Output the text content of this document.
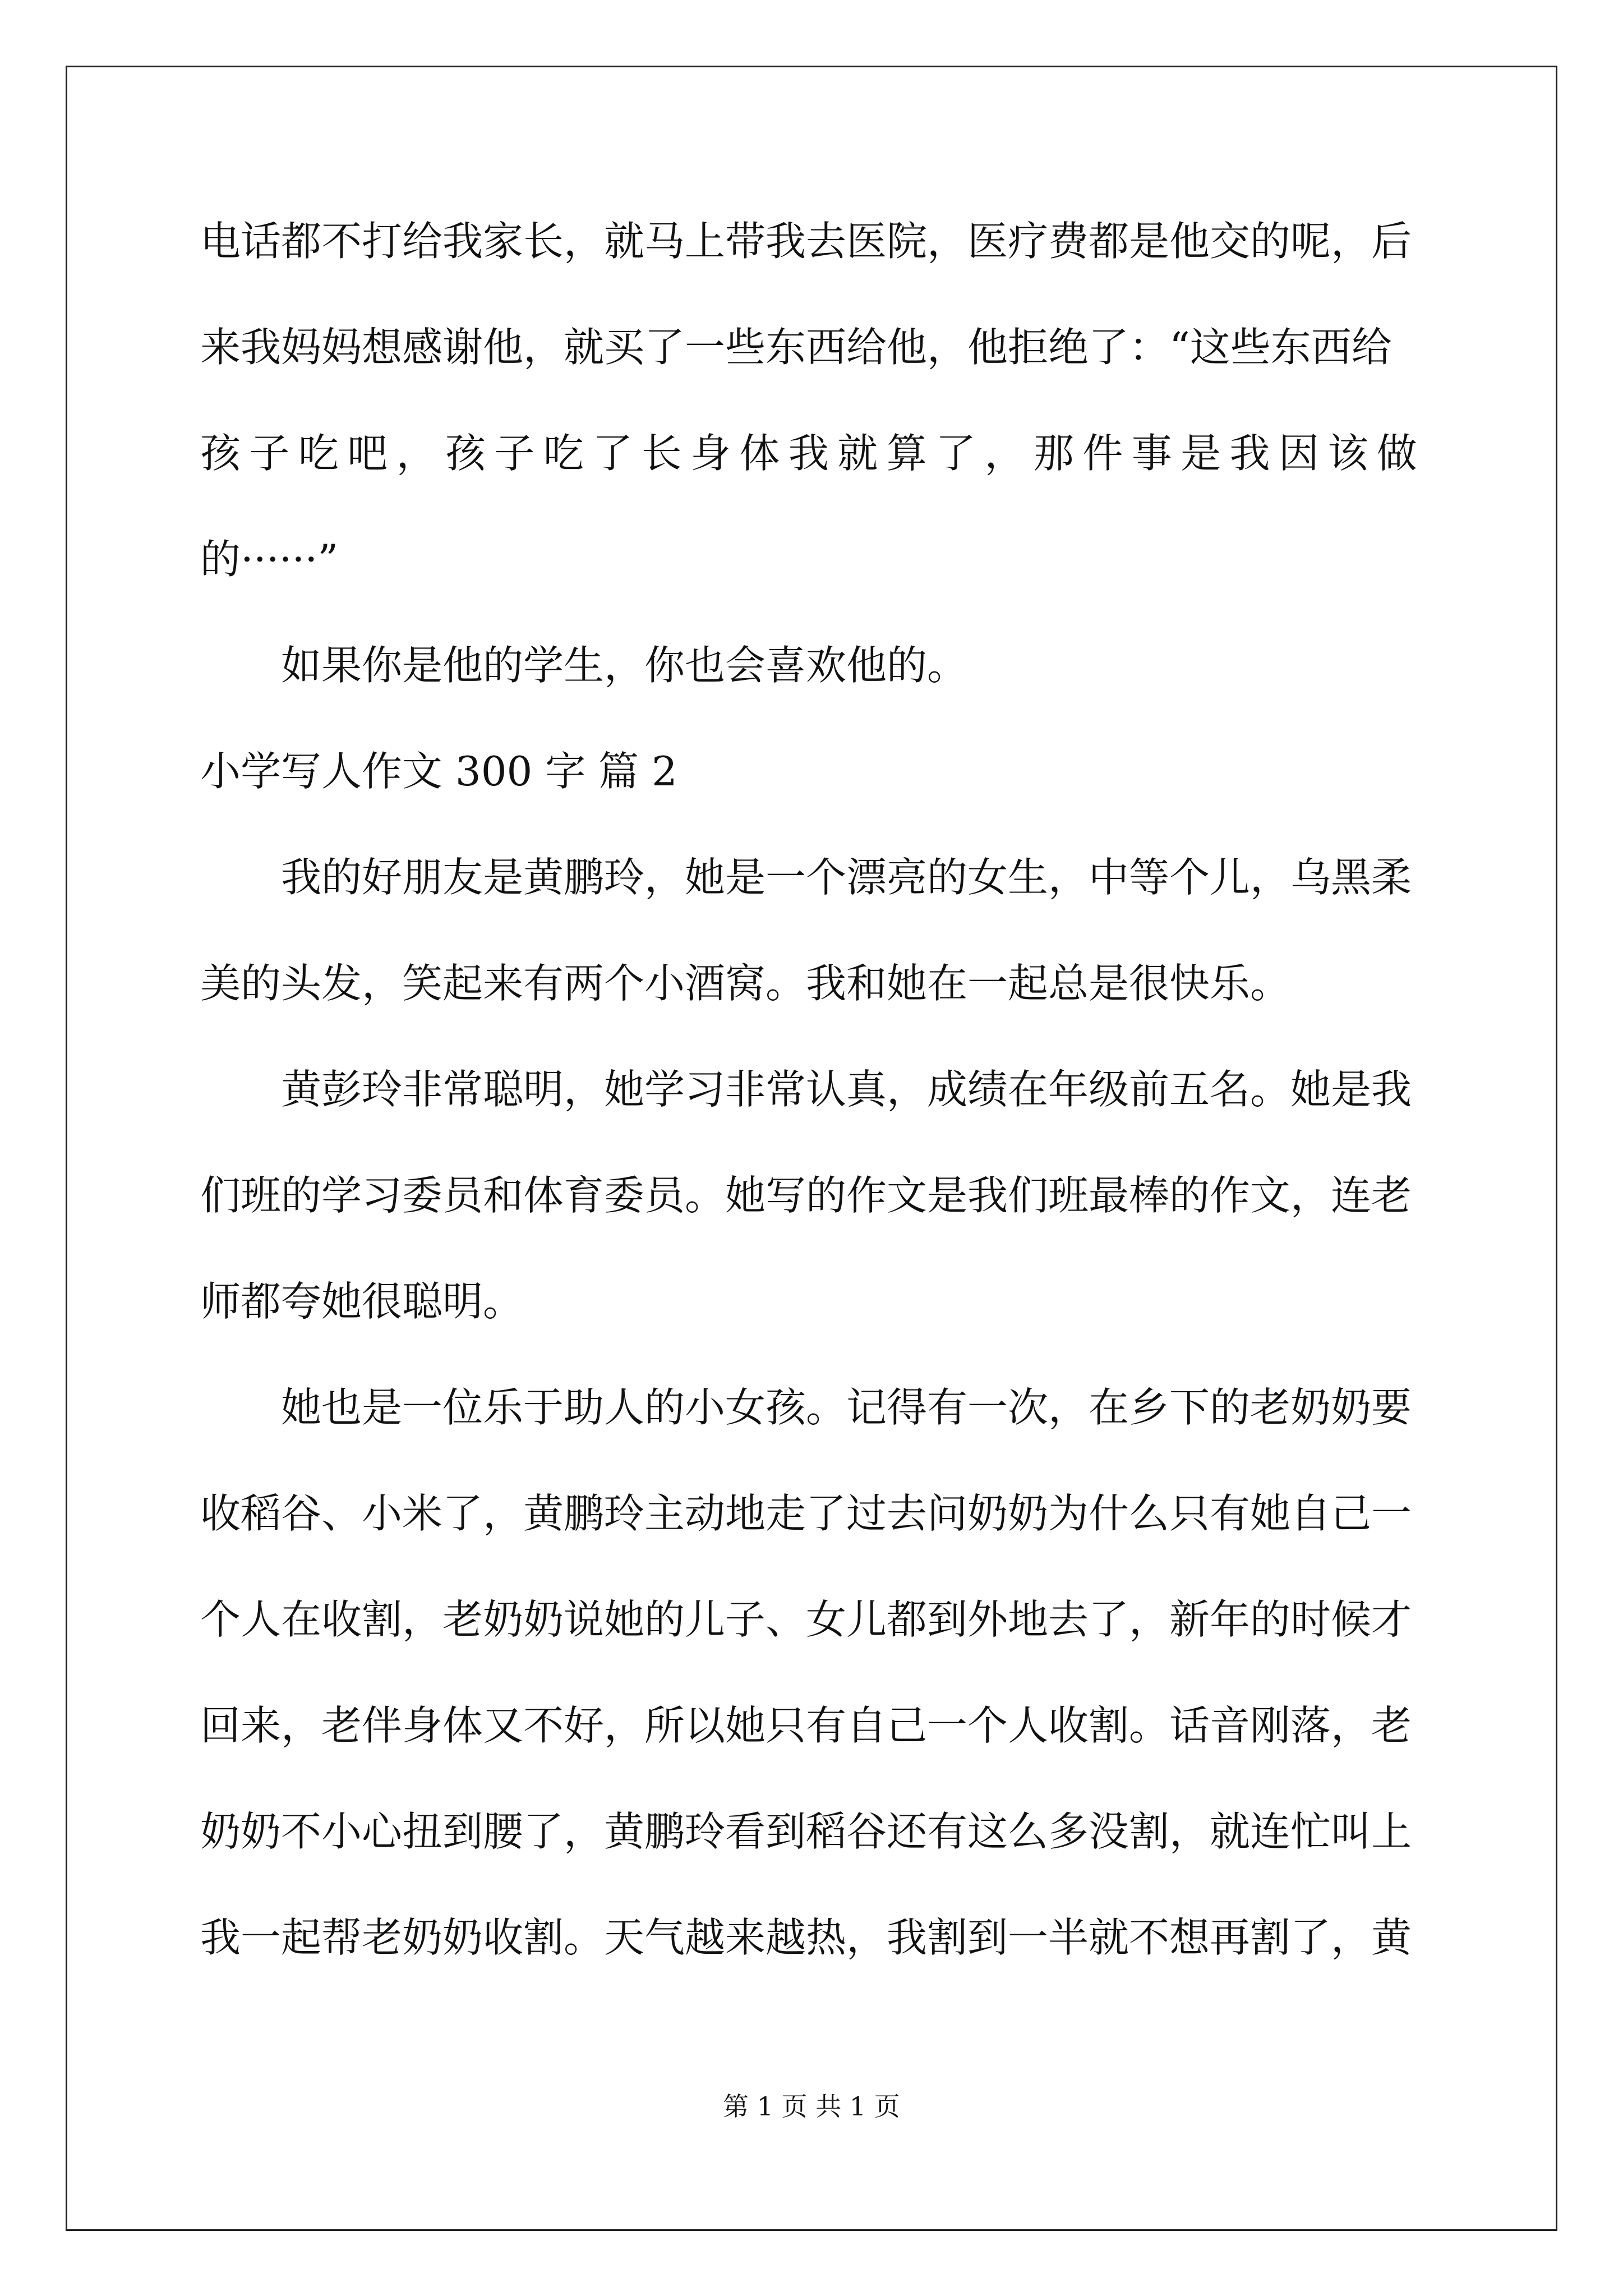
电话都不打给我家长，就马上带我去医院，医疗费都是他交的呢，后
来我妈妈想感谢他，就买了一些东西给他，他拒绝了：“这些东西给
孩 子 吃 吧 ， 孩 子 吃 了 长 身 体 我 就 算 了 ， 那 件 事 是 我 因 该 做
的······”
如果你是他的学生，你也会喜欢他的。
小学写人作文 300 字 篇 2
我的好朋友是黄鹏玲，她是一个漂亮的女生，中等个儿，乌黑柔
美的头发，笑起来有两个小酒窝。我和她在一起总是很快乐。
黄彭玲非常聪明，她学习非常认真，成绩在年级前五名。她是我
们班的学习委员和体育委员。她写的作文是我们班最棒的作文，连老
师都夸她很聪明。
她也是一位乐于助人的小女孩。记得有一次，在乡下的老奶奶要
收稻谷、小米了，黄鹏玲主动地走了过去问奶奶为什么只有她自己一
个人在收割，老奶奶说她的儿子、女儿都到外地去了，新年的时候才
回来，老伴身体又不好，所以她只有自己一个人收割。话音刚落，老
奶奶不小心扭到腰了，黄鹏玲看到稻谷还有这么多没割，就连忙叫上
我一起帮老奶奶收割。天气越来越热，我割到一半就不想再割了，黄
第 1 页 共 1 页
